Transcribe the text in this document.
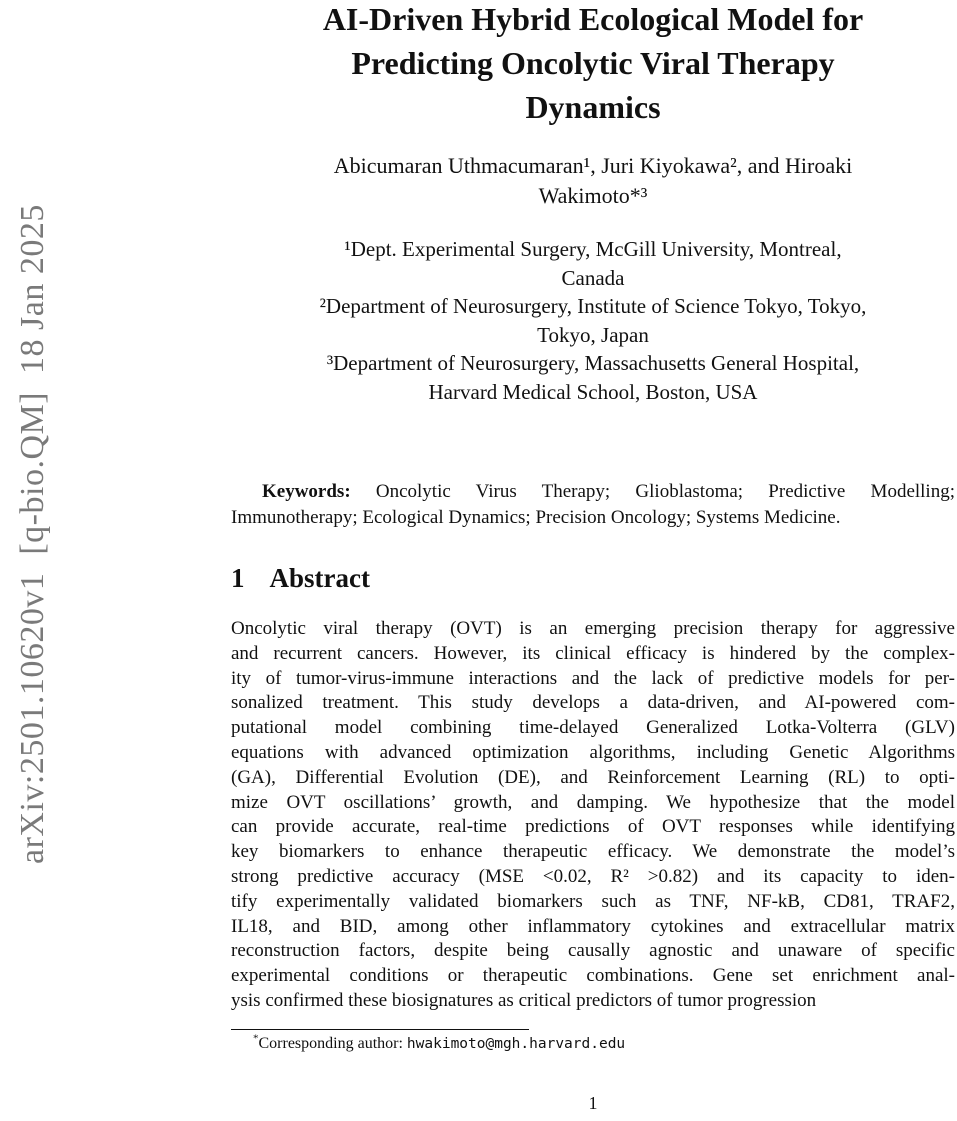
arXiv:2501.10620v1  [q-bio.QM]  18 Jan 2025
AI-Driven Hybrid Ecological Model for
Predicting Oncolytic Viral Therapy
Dynamics
Abicumaran Uthmacumaran¹, Juri Kiyokawa², and Hiroaki
Wakimoto*³
¹Dept. Experimental Surgery, McGill University, Montreal,
Canada
²Department of Neurosurgery, Institute of Science Tokyo, Tokyo,
Tokyo, Japan
³Department of Neurosurgery, Massachusetts General Hospital,
Harvard Medical School, Boston, USA
Keywords: Oncolytic Virus Therapy; Glioblastoma; Predictive Modelling;
Immunotherapy; Ecological Dynamics; Precision Oncology; Systems Medicine.
1 Abstract
Oncolytic viral therapy (OVT) is an emerging precision therapy for aggressive
and recurrent cancers. However, its clinical efficacy is hindered by the complex-
ity of tumor-virus-immune interactions and the lack of predictive models for per-
sonalized treatment. This study develops a data-driven, and AI-powered com-
putational model combining time-delayed Generalized Lotka-Volterra (GLV)
equations with advanced optimization algorithms, including Genetic Algorithms
(GA), Differential Evolution (DE), and Reinforcement Learning (RL) to opti-
mize OVT oscillations’ growth, and damping. We hypothesize that the model
can provide accurate, real-time predictions of OVT responses while identifying
key biomarkers to enhance therapeutic efficacy. We demonstrate the model’s
strong predictive accuracy (MSE <0.02, R² >0.82) and its capacity to iden-
tify experimentally validated biomarkers such as TNF, NF-kB, CD81, TRAF2,
IL18, and BID, among other inflammatory cytokines and extracellular matrix
reconstruction factors, despite being causally agnostic and unaware of specific
experimental conditions or therapeutic combinations. Gene set enrichment anal-
ysis confirmed these biosignatures as critical predictors of tumor progression
*Corresponding author: hwakimoto@mgh.harvard.edu
1
